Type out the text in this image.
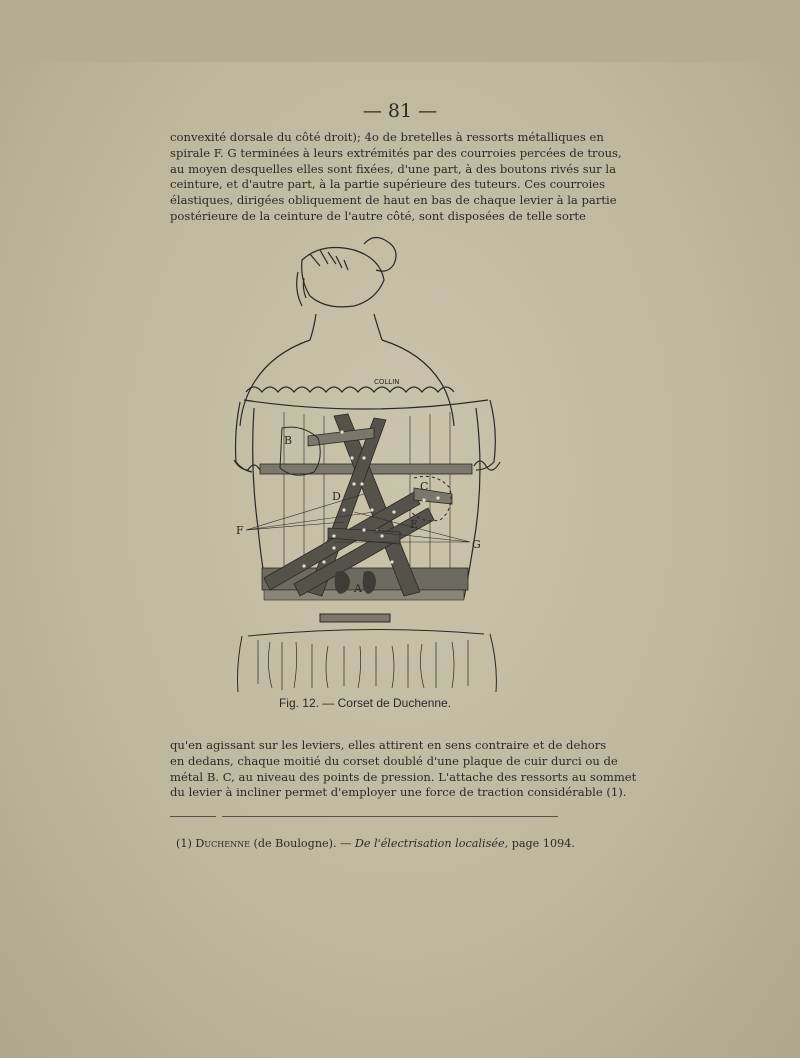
— 81 —
convexité dorsale du côté droit); 4o de bretelles à ressorts métalliques en
spirale F. G terminées à leurs extrémités par des courroies percées de trous,
au moyen desquelles elles sont fixées, d'une part, à des boutons rivés sur la
ceinture, et d'autre part, à la partie supérieure des tuteurs. Ces courroies
élastiques, dirigées obliquement de haut en bas de chaque levier à la partie
postérieure de la ceinture de l'autre côté, sont disposées de telle sorte
COLLIN
B
C
D
E
F
G
A
Fig. 12. — Corset de Duchenne.
qu'en agissant sur les leviers, elles attirent en sens contraire et de dehors
en dedans, chaque moitié du corset doublé d'une plaque de cuir durci ou de
métal B. C, au niveau des points de pression. L'attache des ressorts au sommet
du levier à incliner permet d'employer une force de traction considérable (1).
(1) Duchenne (de Boulogne). — De l'électrisation localisée, page 1094.
